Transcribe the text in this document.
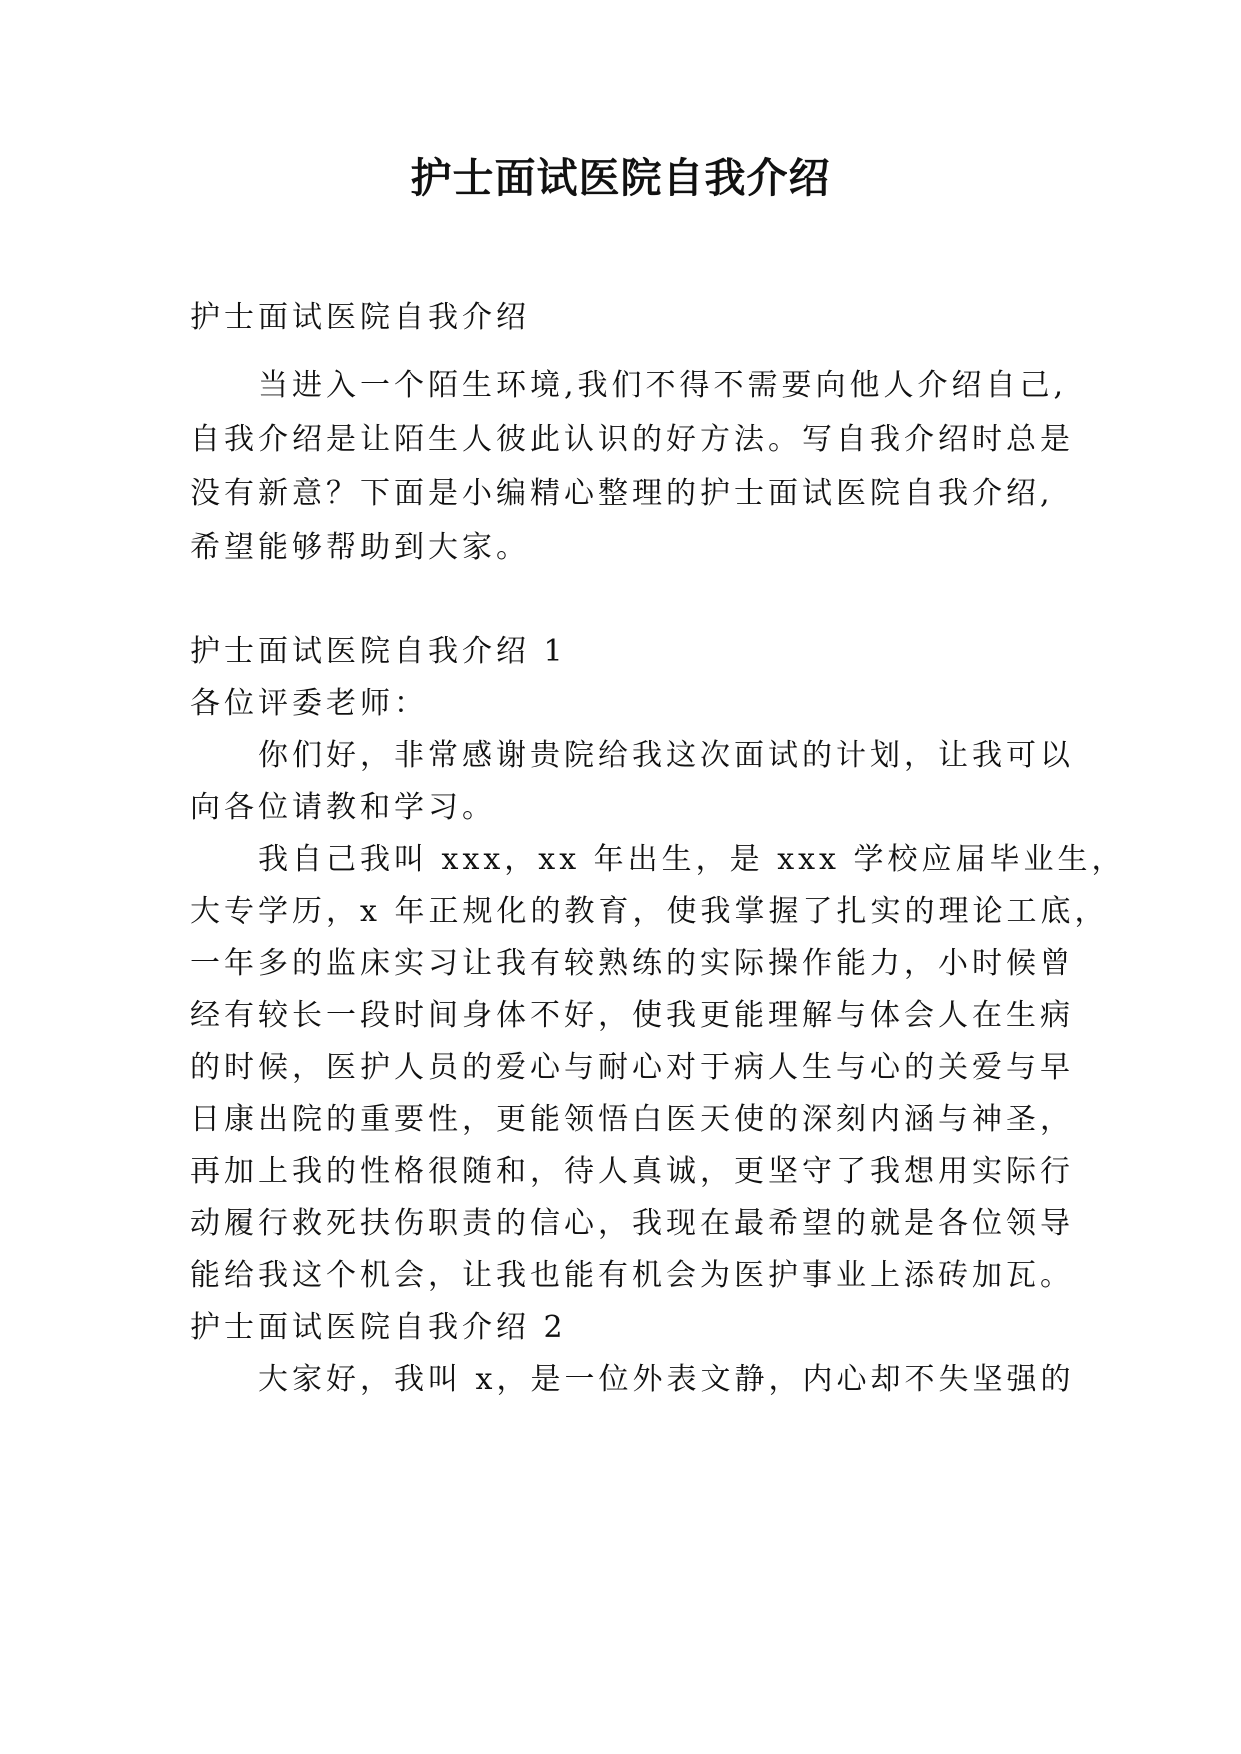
护士面试医院自我介绍
护士面试医院自我介绍
当进入一个陌生环境,我们不得不需要向他人介绍自己,
自我介绍是让陌生人彼此认识的好方法。写自我介绍时总是
没有新意？下面是小编精心整理的护士面试医院自我介绍,
希望能够帮助到大家。
护士面试医院自我介绍 1
各位评委老师：
你们好，非常感谢贵院给我这次面试的计划，让我可以
向各位请教和学习。
我自己我叫 xxx，xx 年出生，是 xxx 学校应届毕业生，
大专学历，x 年正规化的教育，使我掌握了扎实的理论工底，
一年多的监床实习让我有较熟练的实际操作能力，小时候曾
经有较长一段时间身体不好，使我更能理解与体会人在生病
的时候，医护人员的爱心与耐心对于病人生与心的关爱与早
日康出院的重要性，更能领悟白医天使的深刻内涵与神圣，
再加上我的性格很随和，待人真诚，更坚守了我想用实际行
动履行救死扶伤职责的信心，我现在最希望的就是各位领导
能给我这个机会，让我也能有机会为医护事业上添砖加瓦。
护士面试医院自我介绍 2
大家好，我叫 x，是一位外表文静，内心却不失坚强的
